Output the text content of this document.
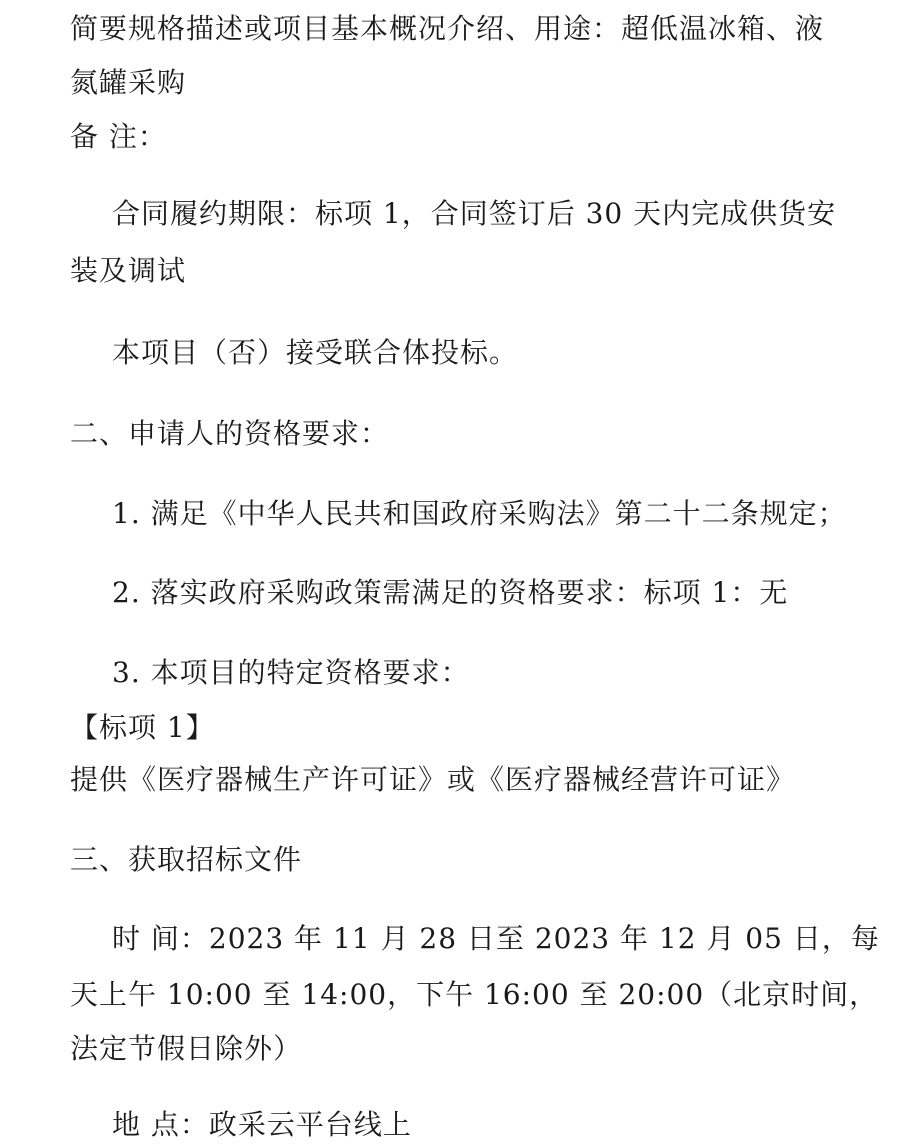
简要规格描述或项目基本概况介绍、用途：超低温冰箱、液
氮罐采购
备 注：
合同履约期限：标项 1，合同签订后 30 天内完成供货安
装及调试
本项目（否）接受联合体投标。
二、申请人的资格要求：
1. 满足《中华人民共和国政府采购法》第二十二条规定；
2. 落实政府采购政策需满足的资格要求：标项 1：无
3. 本项目的特定资格要求：
【标项 1】
提供《医疗器械生产许可证》或《医疗器械经营许可证》
三、获取招标文件
时 间：2023 年 11 月 28 日至 2023 年 12 月 05 日，每
天上午 10:00 至 14:00，下午 16:00 至 20:00（北京时间，
法定节假日除外）
地 点：政采云平台线上
